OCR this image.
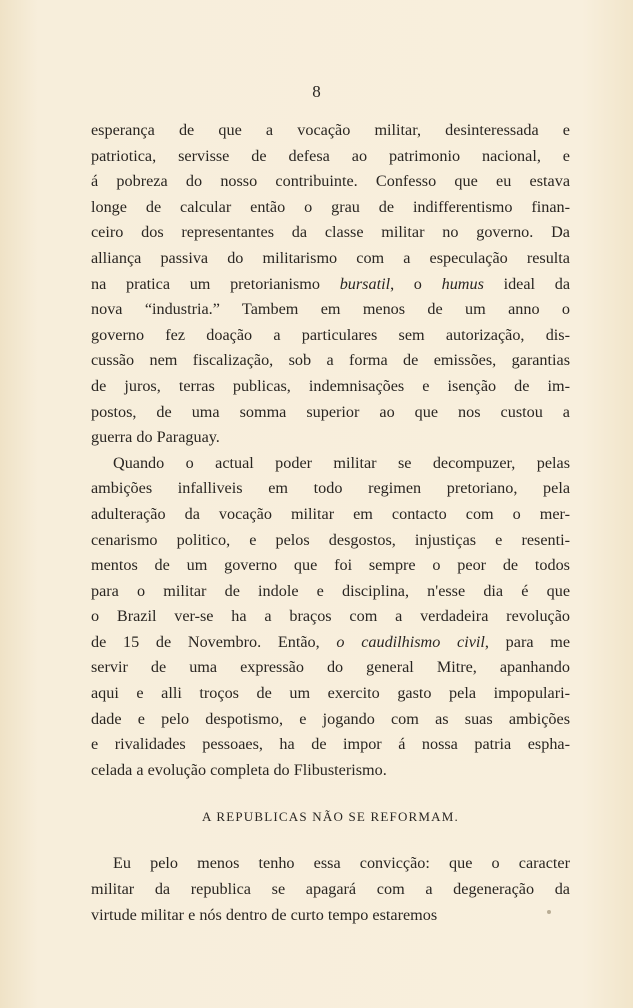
8
esperança de que a vocação militar, desinteressada e
patriotica, servisse de defesa ao patrimonio nacional, e
á pobreza do nosso contribuinte. Confesso que eu estava
longe de calcular então o grau de indifferentismo finan-
ceiro dos representantes da classe militar no governo. Da
alliança passiva do militarismo com a especulação resulta
na pratica um pretorianismo bursatil, o humus ideal da
nova “industria.” Tambem em menos de um anno o
governo fez doação a particulares sem autorização, dis-
cussão nem fiscalização, sob a forma de emissões, garantias
de juros, terras publicas, indemnisações e isenção de im-
postos, de uma somma superior ao que nos custou a
guerra do Paraguay.
Quando o actual poder militar se decompuzer, pelas
ambições infalliveis em todo regimen pretoriano, pela
adulteração da vocação militar em contacto com o mer-
cenarismo politico, e pelos desgostos, injustiças e resenti-
mentos de um governo que foi sempre o peor de todos
para o militar de indole e disciplina, n'esse dia é que
o Brazil ver-se ha a braços com a verdadeira revolução
de 15 de Novembro. Então, o caudilhismo civil, para me
servir de uma expressão do general Mitre, apanhando
aqui e alli troços de um exercito gasto pela impopulari-
dade e pelo despotismo, e jogando com as suas ambições
e rivalidades pessoaes, ha de impor á nossa patria espha-
celada a evolução completa do Flibusterismo.
A REPUBLICAS NÃO SE REFORMAM.
Eu pelo menos tenho essa convicção: que o caracter
militar da republica se apagará com a degeneração da
virtude militar e nós dentro de curto tempo estaremos
